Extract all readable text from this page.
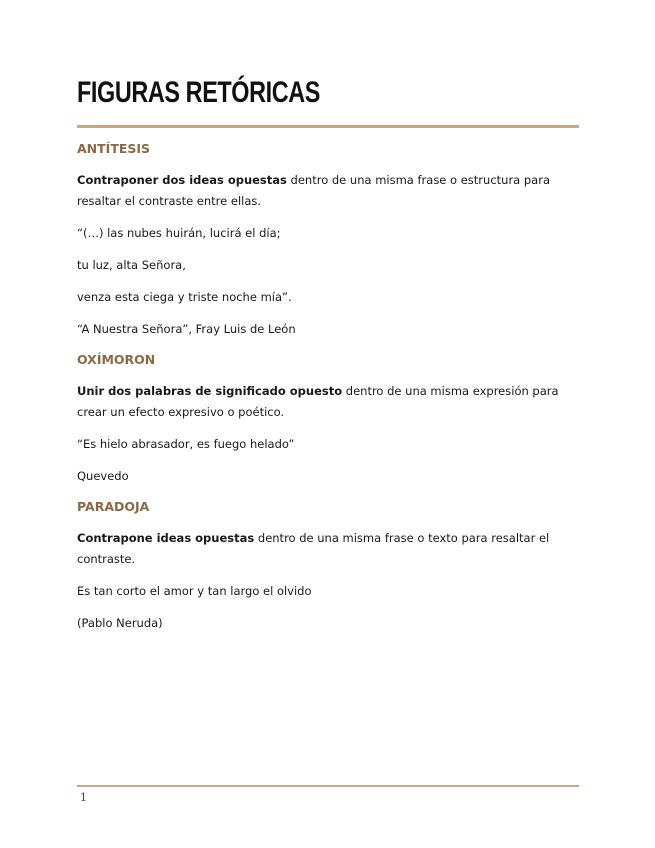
FIGURAS RETÓRICAS
ANTÍTESIS

Contraponer dos ideas opuestas dentro de una misma frase o estructura para resaltar el contraste entre ellas.

“(…) las nubes huirán, lucirá el día;

tu luz, alta Señora,

venza esta ciega y triste noche mía”.

“A Nuestra Señora”, Fray Luis de León

OXÍMORON

Unir dos palabras de significado opuesto dentro de una misma expresión para crear un efecto expresivo o poético.

“Es hielo abrasador, es fuego helado”

Quevedo

PARADOJA

Contrapone ideas opuestas dentro de una misma frase o texto para resaltar el contraste.

Es tan corto el amor y tan largo el olvido

(Pablo Neruda)

1
